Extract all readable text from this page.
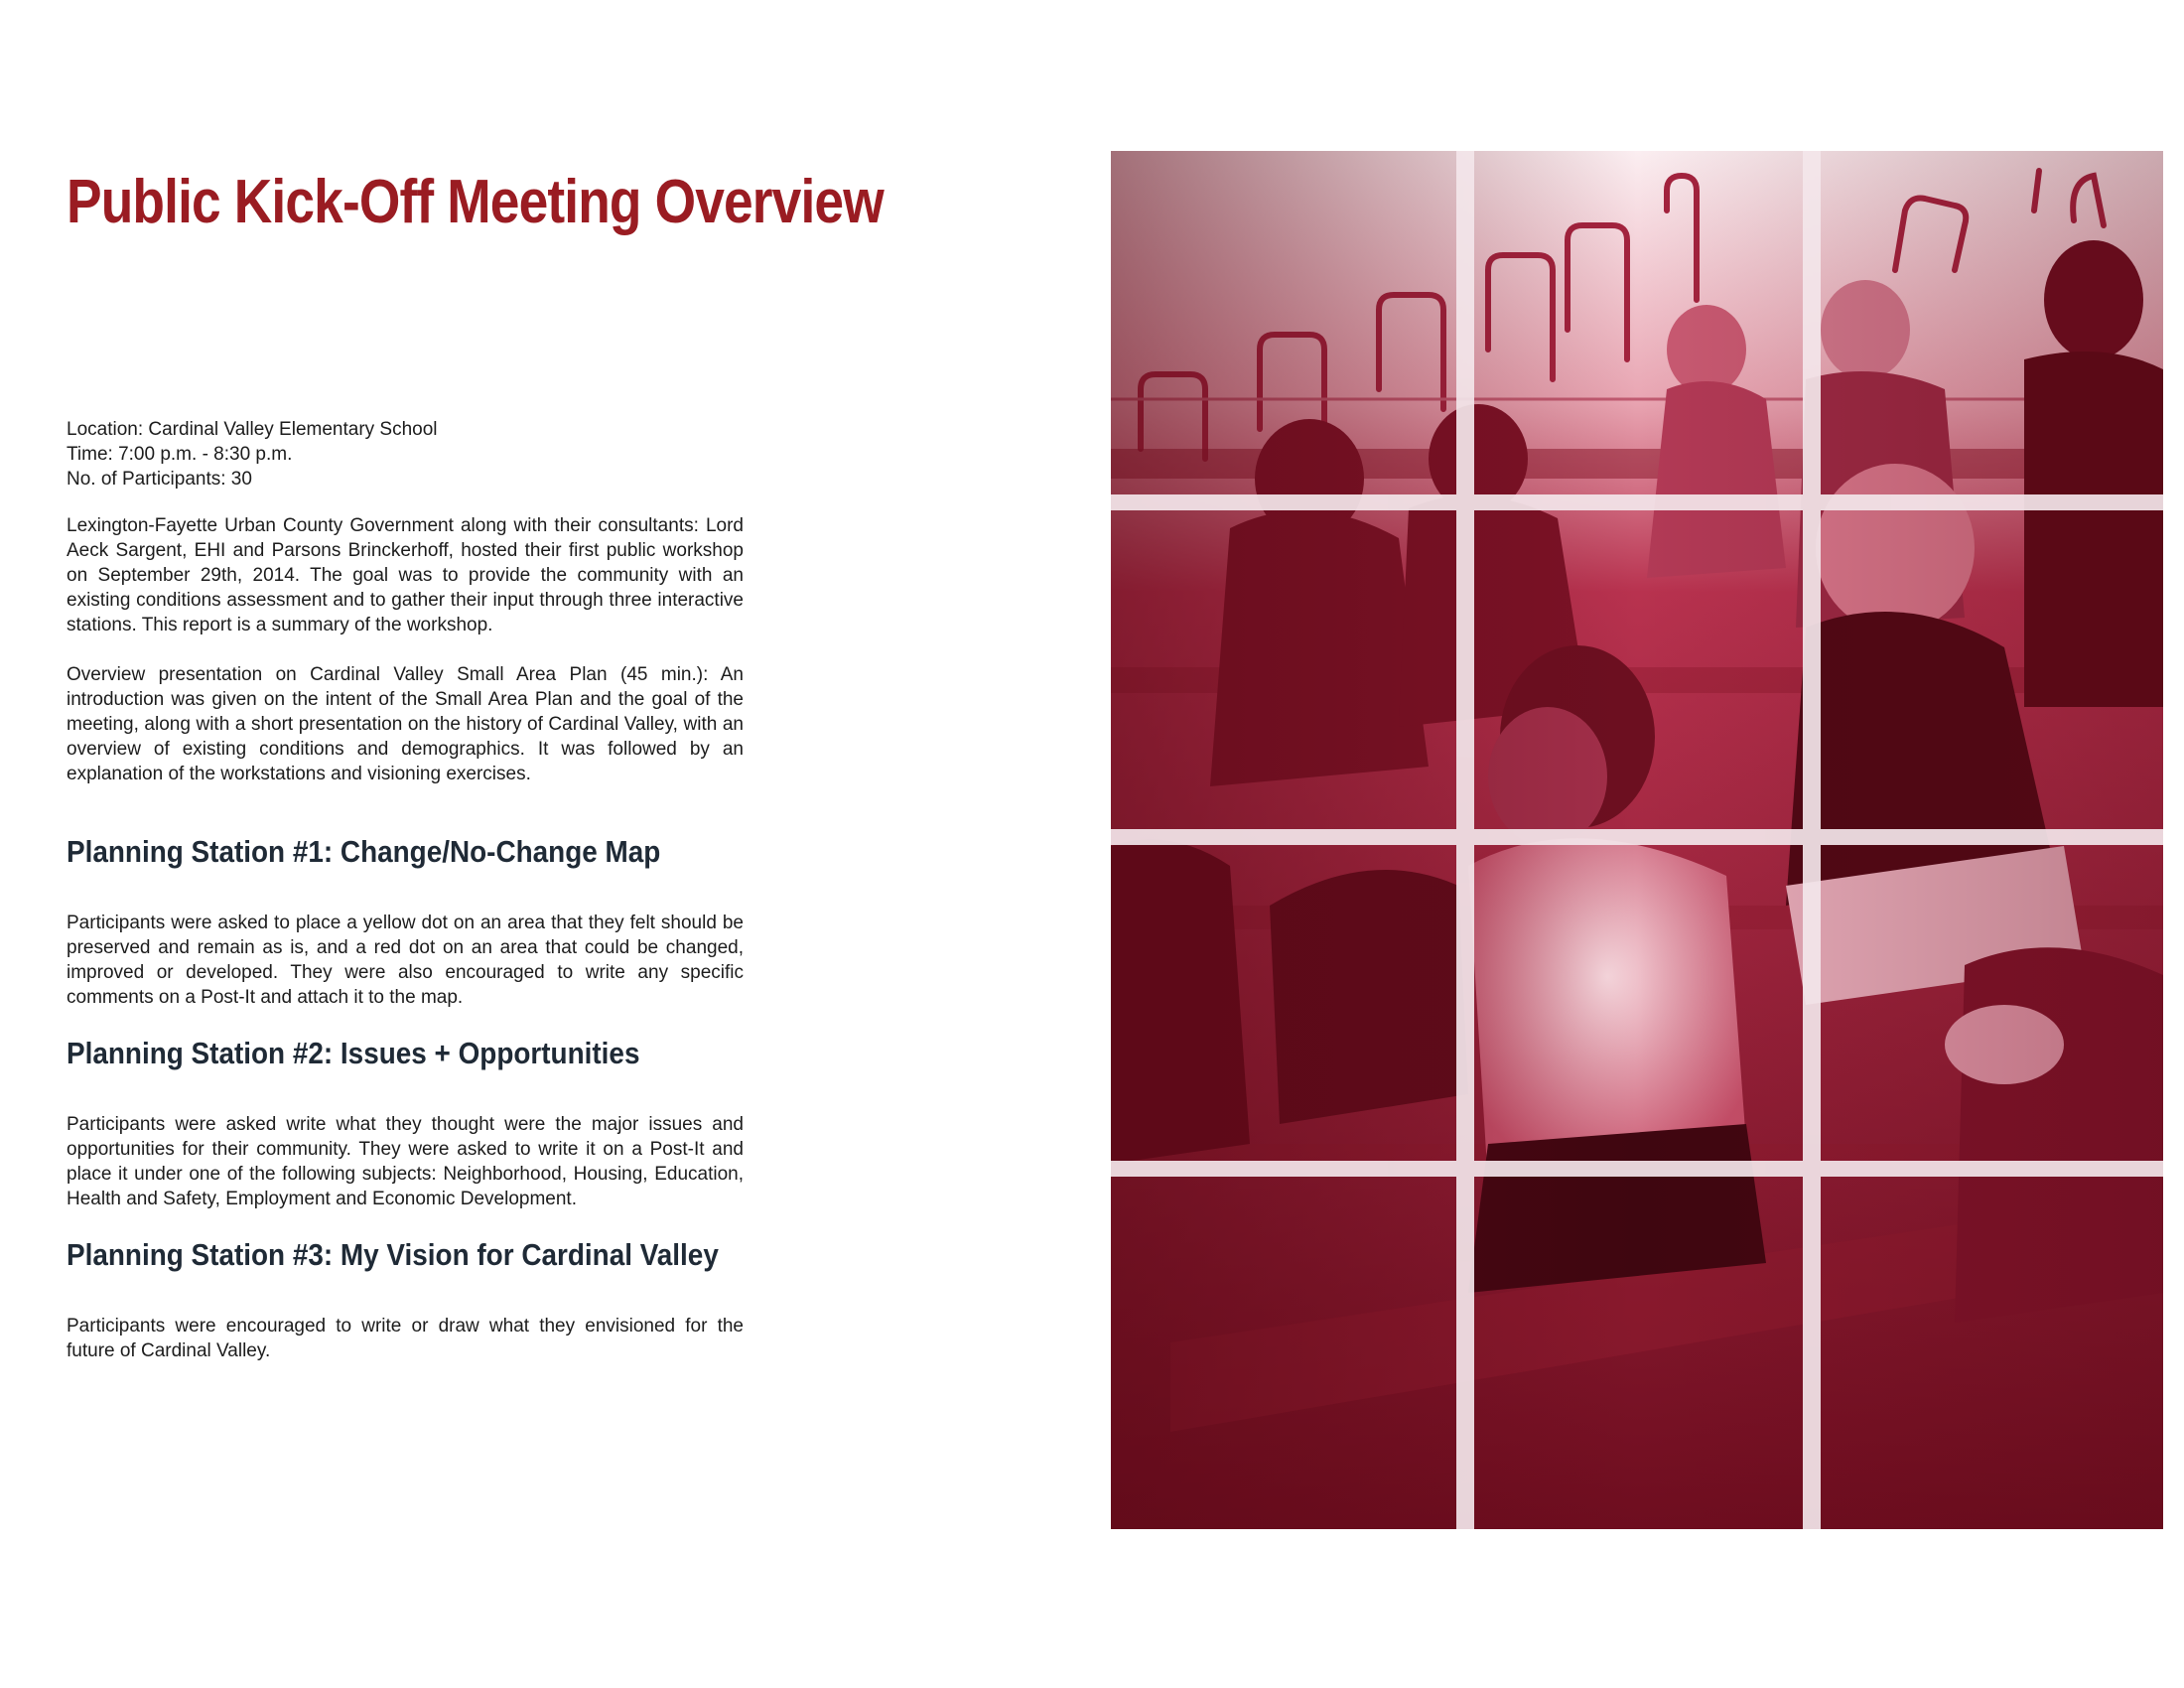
Public Kick-Off Meeting Overview
Location: Cardinal Valley Elementary School
Time: 7:00 p.m. - 8:30 p.m.
No. of Participants: 30

Lexington-Fayette Urban County Government along with their consultants: Lord Aeck Sargent, EHI and Parsons Brinckerhoff, hosted their first public workshop on September 29th, 2014. The goal was to provide the community with an existing conditions assessment and to gather their input through three interactive stations. This report is a summary of the workshop.

Overview presentation on Cardinal Valley Small Area Plan (45 min.): An introduction was given on the intent of the Small Area Plan and the goal of the meeting, along with a short presentation on the history of Cardinal Valley, with an overview of existing conditions and demographics. It was followed by an explanation of the workstations and visioning exercises.

Planning Station #1: Change/No-Change Map

Participants were asked to place a yellow dot on an area that they felt should be preserved and remain as is, and a red dot on an area that could be changed, improved or developed. They were also encouraged to write any specific comments on a Post-It and attach it to the map.

Planning Station #2: Issues + Opportunities

Participants were asked write what they thought were the major issues and opportunities for their community. They were asked to write it on a Post-It and place it under one of the following subjects: Neighborhood, Housing, Education, Health and Safety, Employment and Economic Development.

Planning Station #3: My Vision for Cardinal Valley

Participants were encouraged to write or draw what they envisioned for the future of Cardinal Valley.
